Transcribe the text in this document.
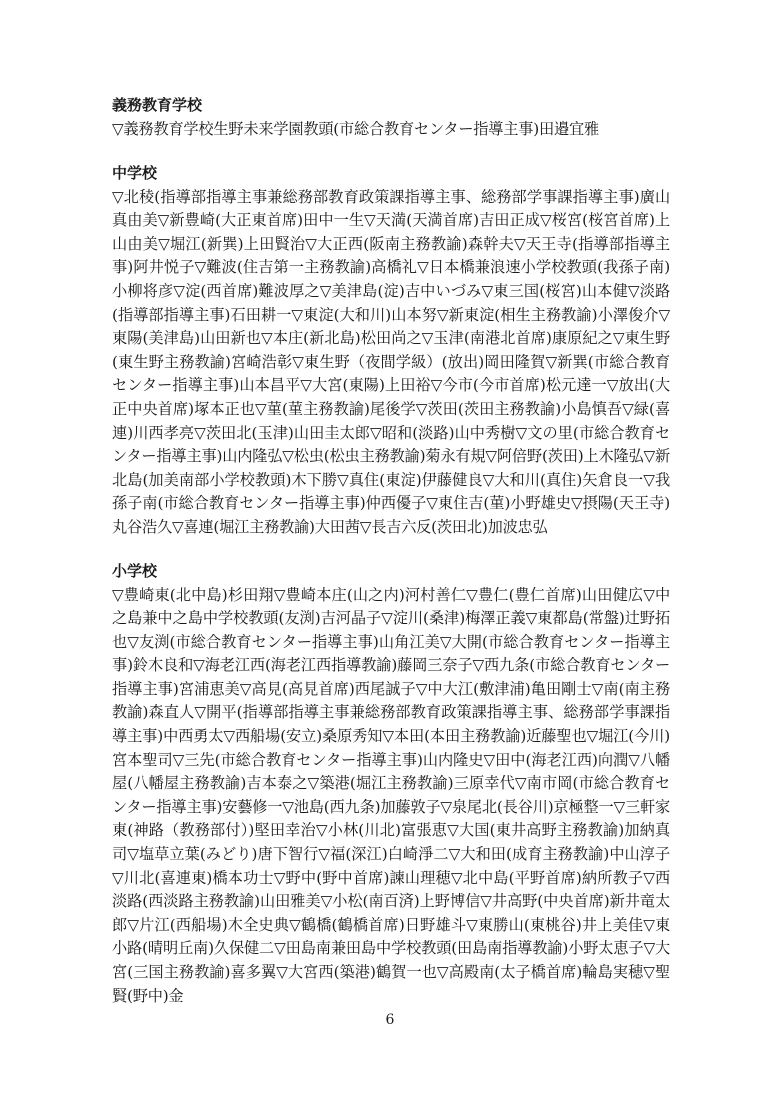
義務教育学校

▽義務教育学校生野未来学園教頭(市総合教育センター指導主事)田邉宜雅

中学校

▽北稜(指導部指導主事兼総務部教育政策課指導主事、総務部学事課指導主事)廣山真由美▽新豊崎(大正東首席)田中一生▽天満(天満首席)吉田正成▽桜宮(桜宮首席)上山由美▽堀江(新巽)上田賢治▽大正西(阪南主務教諭)森幹夫▽天王寺(指導部指導主事)阿井悦子▽難波(住吉第一主務教諭)高橋礼▽日本橋兼浪速小学校教頭(我孫子南)小柳将彦▽淀(西首席)難波厚之▽美津島(淀)吉中いづみ▽東三国(桜宮)山本健▽淡路(指導部指導主事)石田耕一▽東淀(大和川)山本努▽新東淀(相生主務教諭)小澤俊介▽東陽(美津島)山田新也▽本庄(新北島)松田尚之▽玉津(南港北首席)康原紀之▽東生野(東生野主務教諭)宮崎浩彰▽東生野（夜間学級）(放出)岡田隆賀▽新巽(市総合教育センター指導主事)山本昌平▽大宮(東陽)上田裕▽今市(今市首席)松元達一▽放出(大正中央首席)塚本正也▽菫(菫主務教諭)尾後学▽茨田(茨田主務教諭)小島慎吾▽緑(喜連)川西孝亮▽茨田北(玉津)山田圭太郎▽昭和(淡路)山中秀樹▽文の里(市総合教育センター指導主事)山内隆弘▽松虫(松虫主務教諭)菊永有規▽阿倍野(茨田)上木隆弘▽新北島(加美南部小学校教頭)木下勝▽真住(東淀)伊藤健良▽大和川(真住)矢倉良一▽我孫子南(市総合教育センター指導主事)仲西優子▽東住吉(菫)小野雄史▽摂陽(天王寺)丸谷浩久▽喜連(堀江主務教諭)大田茜▽長吉六反(茨田北)加波忠弘

小学校

▽豊崎東(北中島)杉田翔▽豊崎本庄(山之内)河村善仁▽豊仁(豊仁首席)山田健広▽中之島兼中之島中学校教頭(友渕)吉河晶子▽淀川(桑津)梅澤正義▽東都島(常盤)辻野拓也▽友渕(市総合教育センター指導主事)山角江美▽大開(市総合教育センター指導主事)鈴木良和▽海老江西(海老江西指導教諭)藤岡三奈子▽西九条(市総合教育センター指導主事)宮浦恵美▽高見(高見首席)西尾誠子▽中大江(敷津浦)亀田剛士▽南(南主務教諭)森直人▽開平(指導部指導主事兼総務部教育政策課指導主事、総務部学事課指導主事)中西勇太▽西船場(安立)桑原秀知▽本田(本田主務教諭)近藤聖也▽堀江(今川)宮本聖司▽三先(市総合教育センター指導主事)山内隆史▽田中(海老江西)向潤▽八幡屋(八幡屋主務教諭)吉本泰之▽築港(堀江主務教諭)三原幸代▽南市岡(市総合教育センター指導主事)安藝修一▽池島(西九条)加藤敦子▽泉尾北(長谷川)京極整一▽三軒家東(神路（教務部付）)堅田幸治▽小林(川北)富張恵▽大国(東井高野主務教諭)加納真司▽塩草立葉(みどり)唐下智行▽福(深江)白崎淨二▽大和田(成育主務教諭)中山淳子▽川北(喜連東)橋本功士▽野中(野中首席)諫山理穂▽北中島(平野首席)納所教子▽西淡路(西淡路主務教諭)山田雅美▽小松(南百済)上野博信▽井高野(中央首席)新井竜太郎▽片江(西船場)木全史典▽鶴橋(鶴橋首席)日野雄斗▽東勝山(東桃谷)井上美佳▽東小路(晴明丘南)久保健二▽田島南兼田島中学校教頭(田島南指導教諭)小野太恵子▽大宮(三国主務教諭)喜多翼▽大宮西(築港)鶴賀一也▽高殿南(太子橋首席)輪島実穂▽聖賢(野中)金

6
